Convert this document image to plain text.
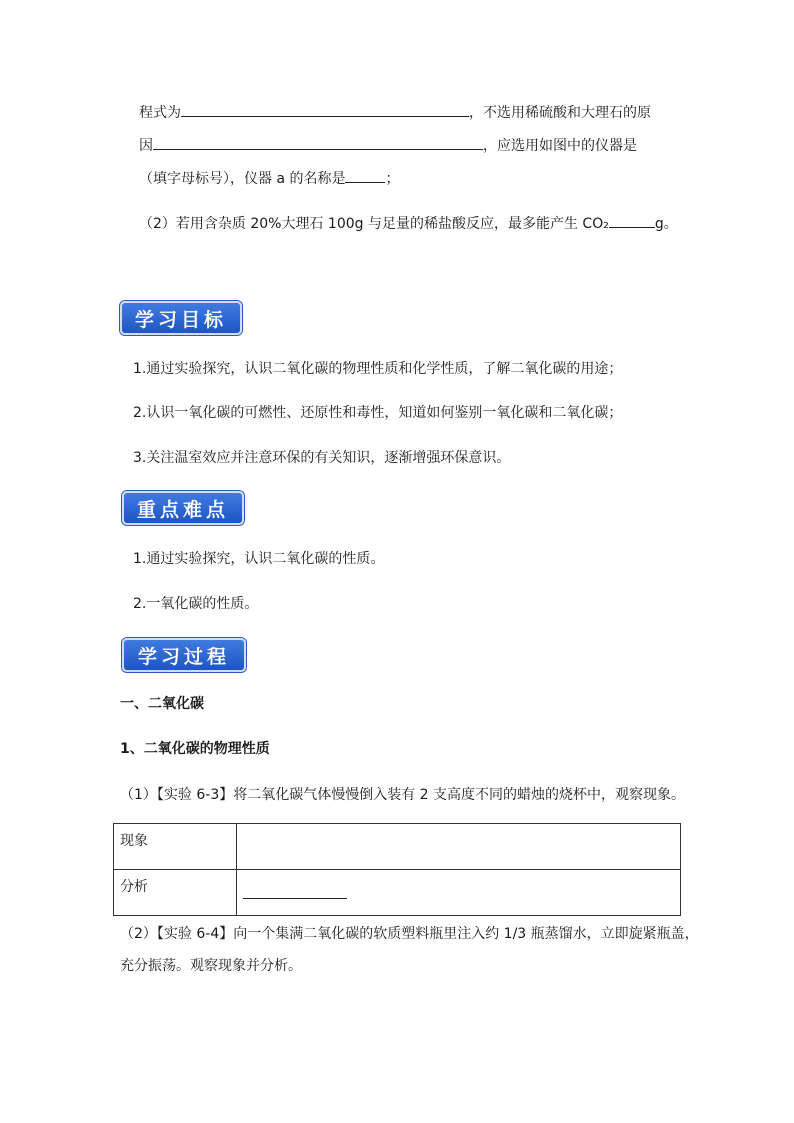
程式为	，不选用稀硫酸和大理石的原
因	，应选用如图中的仪器是
（填字母标号），仪器 a 的名称是	；
（2）若用含杂质 20%大理石 100g 与足量的稀盐酸反应，最多能产生 CO₂	g。
学习目标
1.通过实验探究，认识二氧化碳的物理性质和化学性质，了解二氧化碳的用途；
2.认识一氧化碳的可燃性、还原性和毒性，知道如何鉴别一氧化碳和二氧化碳；
3.关注温室效应并注意环保的有关知识，逐渐增强环保意识。
重点难点
1.通过实验探究，认识二氧化碳的性质。
2.一氧化碳的性质。
学习过程
一、二氧化碳
1、二氧化碳的物理性质
（1）【实验 6-3】将二氧化碳气体慢慢倒入装有 2 支高度不同的蜡烛的烧杯中，观察现象。
现象	
分析	
（2）【实验 6-4】向一个集满二氧化碳的软质塑料瓶里注入约 1/3 瓶蒸馏水，立即旋紧瓶盖，
充分振荡。观察现象并分析。
